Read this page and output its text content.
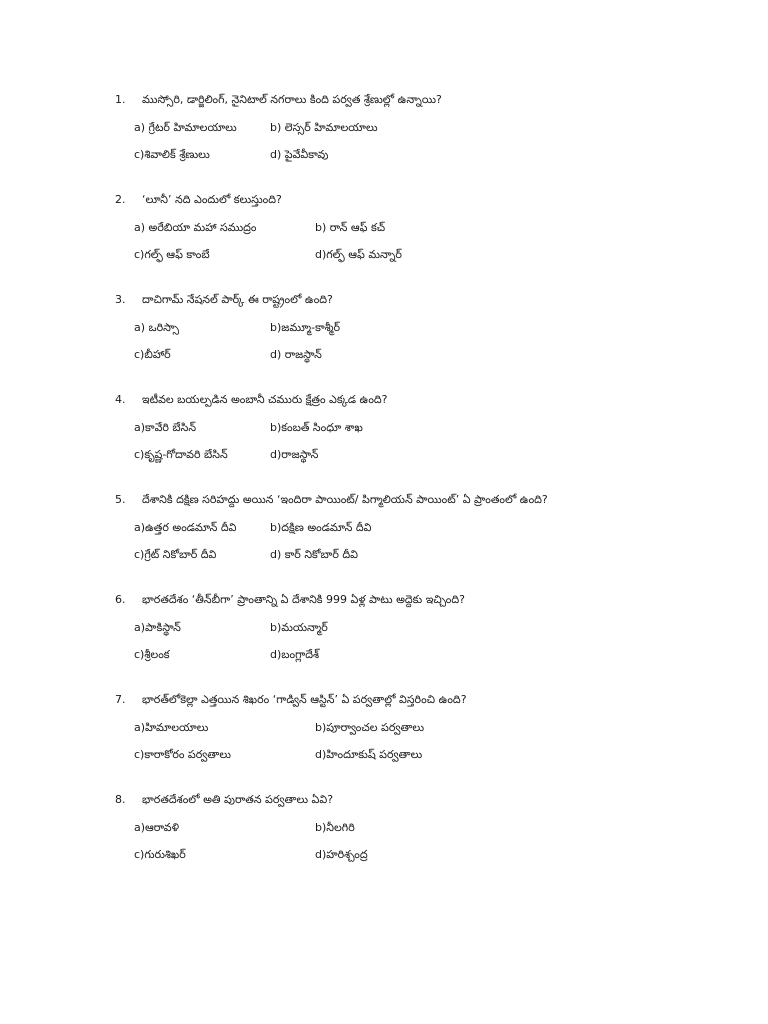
1. ముస్సోరి, డార్జిలింగ్, నైనిటాల్ నగరాలు కింది పర్వత శ్రేణుల్లో ఉన్నాయి?
a) గ్రేటర్ హిమాలయాలు	b) లెస్సర్ హిమాలయాలు
c)శివాలిక్ శ్రేణులు	d) పైవేవీకావు
2. ‘లూనీ’ నది ఎందులో కలుస్తుంది?
a) అరేబియా మహా సముద్రం	b) రాన్ ఆఫ్ కచ్
c)గల్ఫ్ ఆఫ్ కాంబే	d)గల్ఫ్ ఆఫ్ మన్నార్
3. దాచిగామ్ నేషనల్ పార్క్ ఈ రాష్ట్రంలో ఉంది?
a) ఒరిస్సా	b)జమ్మూ-కాశ్మీర్
c)బీహార్	d) రాజస్థాన్
4. ఇటీవల బయల్పడిన అంబానీ చమురు క్షేత్రం ఎక్కడ ఉంది?
a)కావేరి బేసిన్	b)కంబత్ సింధూ శాఖ
c)కృష్ణ-గోదావరి బేసిన్	d)రాజస్థాన్
5. దేశానికి దక్షిణ సరిహద్దు అయిన ‘ఇందిరా పాయింట్/ పిగ్మాలియన్ పాయింట్’ ఏ ప్రాంతంలో ఉంది?
a)ఉత్తర అండమాన్ దీవి	b)దక్షిణ అండమాన్ దీవి
c)గ్రేట్ నికోబార్ దీవి	d) కార్ నికోబార్ దీవి
6. భారతదేశం ‘తీన్‌బీగా’ ప్రాంతాన్ని ఏ దేశానికి 999 ఏళ్ల పాటు అద్దెకు ఇచ్చింది?
a)పాకిస్థాన్	b)మయన్మార్
c)శ్రీలంక	d)బంగ్లాదేశ్
7. భారత్‌లోకెల్లా ఎత్తయిన శిఖరం ‘గాడ్విన్ ఆస్టిన్’ ఏ పర్వతాల్లో విస్తరించి ఉంది?
a)హిమాలయాలు	b)పూర్వాంచల పర్వతాలు
c)కారాకోరం పర్వతాలు	d)హిందూకుష్ పర్వతాలు
8. భారతదేశంలో అతి పురాతన పర్వతాలు ఏవి?
a)ఆరావళి	b)నీలగిరి
c)గురుశిఖర్	d)హరిశ్చంద్ర
